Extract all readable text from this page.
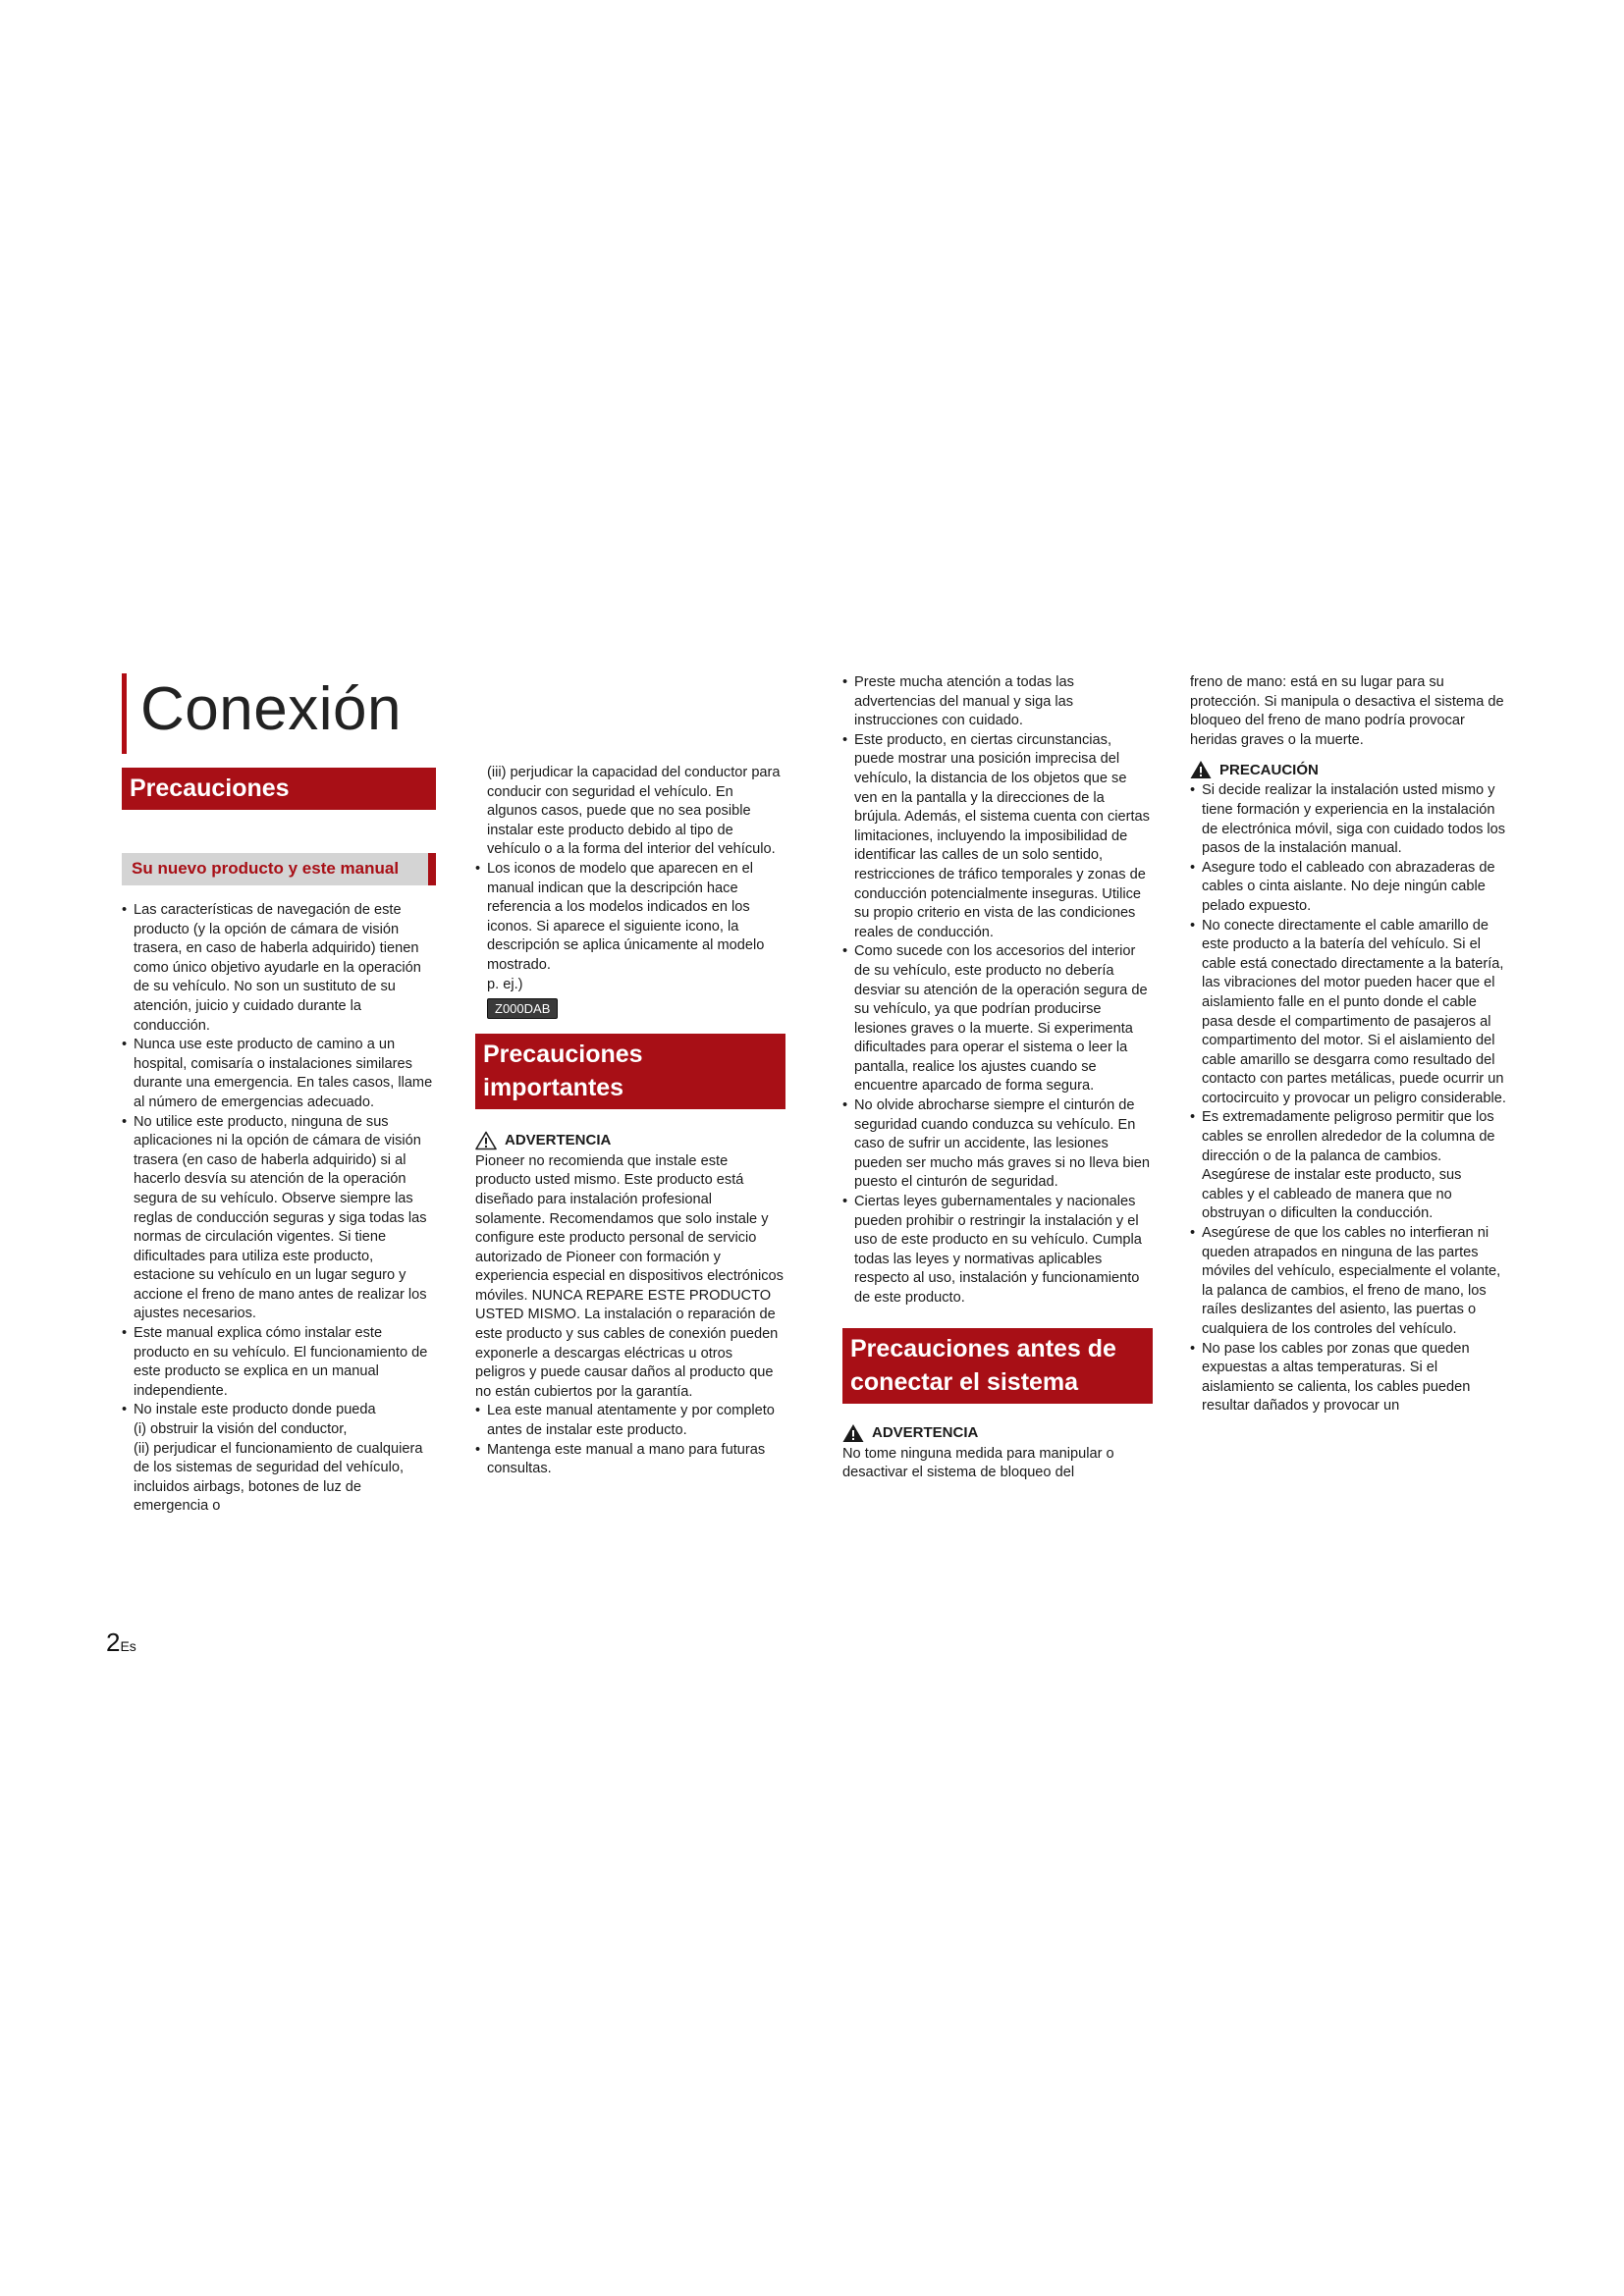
Conexión
Precauciones
Su nuevo producto y este manual
• Las características de navegación de este producto (y la opción de cámara de visión trasera, en caso de haberla adquirido) tienen como único objetivo ayudarle en la operación de su vehículo. No son un sustituto de su atención, juicio y cuidado durante la conducción.
• Nunca use este producto de camino a un hospital, comisaría o instalaciones similares durante una emergencia. En tales casos, llame al número de emergencias adecuado.
• No utilice este producto, ninguna de sus aplicaciones ni la opción de cámara de visión trasera (en caso de haberla adquirido) si al hacerlo desvía su atención de la operación segura de su vehículo. Observe siempre las reglas de conducción seguras y siga todas las normas de circulación vigentes. Si tiene dificultades para utiliza este producto, estacione su vehículo en un lugar seguro y accione el freno de mano antes de realizar los ajustes necesarios.
• Este manual explica cómo instalar este producto en su vehículo. El funcionamiento de este producto se explica en un manual independiente.
• No instale este producto donde pueda
(i) obstruir la visión del conductor,
(ii) perjudicar el funcionamiento de cualquiera de los sistemas de seguridad del vehículo, incluidos airbags, botones de luz de emergencia o

(iii) perjudicar la capacidad del conductor para conducir con seguridad el vehículo. En algunos casos, puede que no sea posible instalar este producto debido al tipo de vehículo o a la forma del interior del vehículo.

• Los iconos de modelo que aparecen en el manual indican que la descripción hace referencia a los modelos indicados en los iconos. Si aparece el siguiente icono, la descripción se aplica únicamente al modelo mostrado.
p. ej.)
Z000DAB
Precauciones importantes
ADVERTENCIA

Pioneer no recomienda que instale este producto usted mismo. Este producto está diseñado para instalación profesional solamente. Recomendamos que solo instale y configure este producto personal de servicio autorizado de Pioneer con formación y experiencia especial en dispositivos electrónicos móviles. NUNCA REPARE ESTE PRODUCTO USTED MISMO. La instalación o reparación de este producto y sus cables de conexión pueden exponerle a descargas eléctricas u otros peligros y puede causar daños al producto que no están cubiertos por la garantía.

• Lea este manual atentamente y por completo antes de instalar este producto.
• Mantenga este manual a mano para futuras consultas.
• Preste mucha atención a todas las advertencias del manual y siga las instrucciones con cuidado.
• Este producto, en ciertas circunstancias, puede mostrar una posición imprecisa del vehículo, la distancia de los objetos que se ven en la pantalla y la direcciones de la brújula. Además, el sistema cuenta con ciertas limitaciones, incluyendo la imposibilidad de identificar las calles de un solo sentido, restricciones de tráfico temporales y zonas de conducción potencialmente inseguras. Utilice su propio criterio en vista de las condiciones reales de conducción.
• Como sucede con los accesorios del interior de su vehículo, este producto no debería desviar su atención de la operación segura de su vehículo, ya que podrían producirse lesiones graves o la muerte. Si experimenta dificultades para operar el sistema o leer la pantalla, realice los ajustes cuando se encuentre aparcado de forma segura.
• No olvide abrocharse siempre el cinturón de seguridad cuando conduzca su vehículo. En caso de sufrir un accidente, las lesiones pueden ser mucho más graves si no lleva bien puesto el cinturón de seguridad.
• Ciertas leyes gubernamentales y nacionales pueden prohibir o restringir la instalación y el uso de este producto en su vehículo. Cumpla todas las leyes y normativas aplicables respecto al uso, instalación y funcionamiento de este producto.
Precauciones antes de conectar el sistema
ADVERTENCIA

No tome ninguna medida para manipular o desactivar el sistema de bloqueo del

freno de mano: está en su lugar para su protección. Si manipula o desactiva el sistema de bloqueo del freno de mano podría provocar heridas graves o la muerte.

PRECAUCIÓN
• Si decide realizar la instalación usted mismo y tiene formación y experiencia en la instalación de electrónica móvil, siga con cuidado todos los pasos de la instalación manual.
• Asegure todo el cableado con abrazaderas de cables o cinta aislante. No deje ningún cable pelado expuesto.
• No conecte directamente el cable amarillo de este producto a la batería del vehículo. Si el cable está conectado directamente a la batería, las vibraciones del motor pueden hacer que el aislamiento falle en el punto donde el cable pasa desde el compartimento de pasajeros al compartimento del motor. Si el aislamiento del cable amarillo se desgarra como resultado del contacto con partes metálicas, puede ocurrir un cortocircuito y provocar un peligro considerable.
• Es extremadamente peligroso permitir que los cables se enrollen alrededor de la columna de dirección o de la palanca de cambios. Asegúrese de instalar este producto, sus cables y el cableado de manera que no obstruyan o dificulten la conducción.
• Asegúrese de que los cables no interfieran ni queden atrapados en ninguna de las partes móviles del vehículo, especialmente el volante, la palanca de cambios, el freno de mano, los raíles deslizantes del asiento, las puertas o cualquiera de los controles del vehículo.
• No pase los cables por zonas que queden expuestas a altas temperaturas. Si el aislamiento se calienta, los cables pueden resultar dañados y provocar un
2Es
